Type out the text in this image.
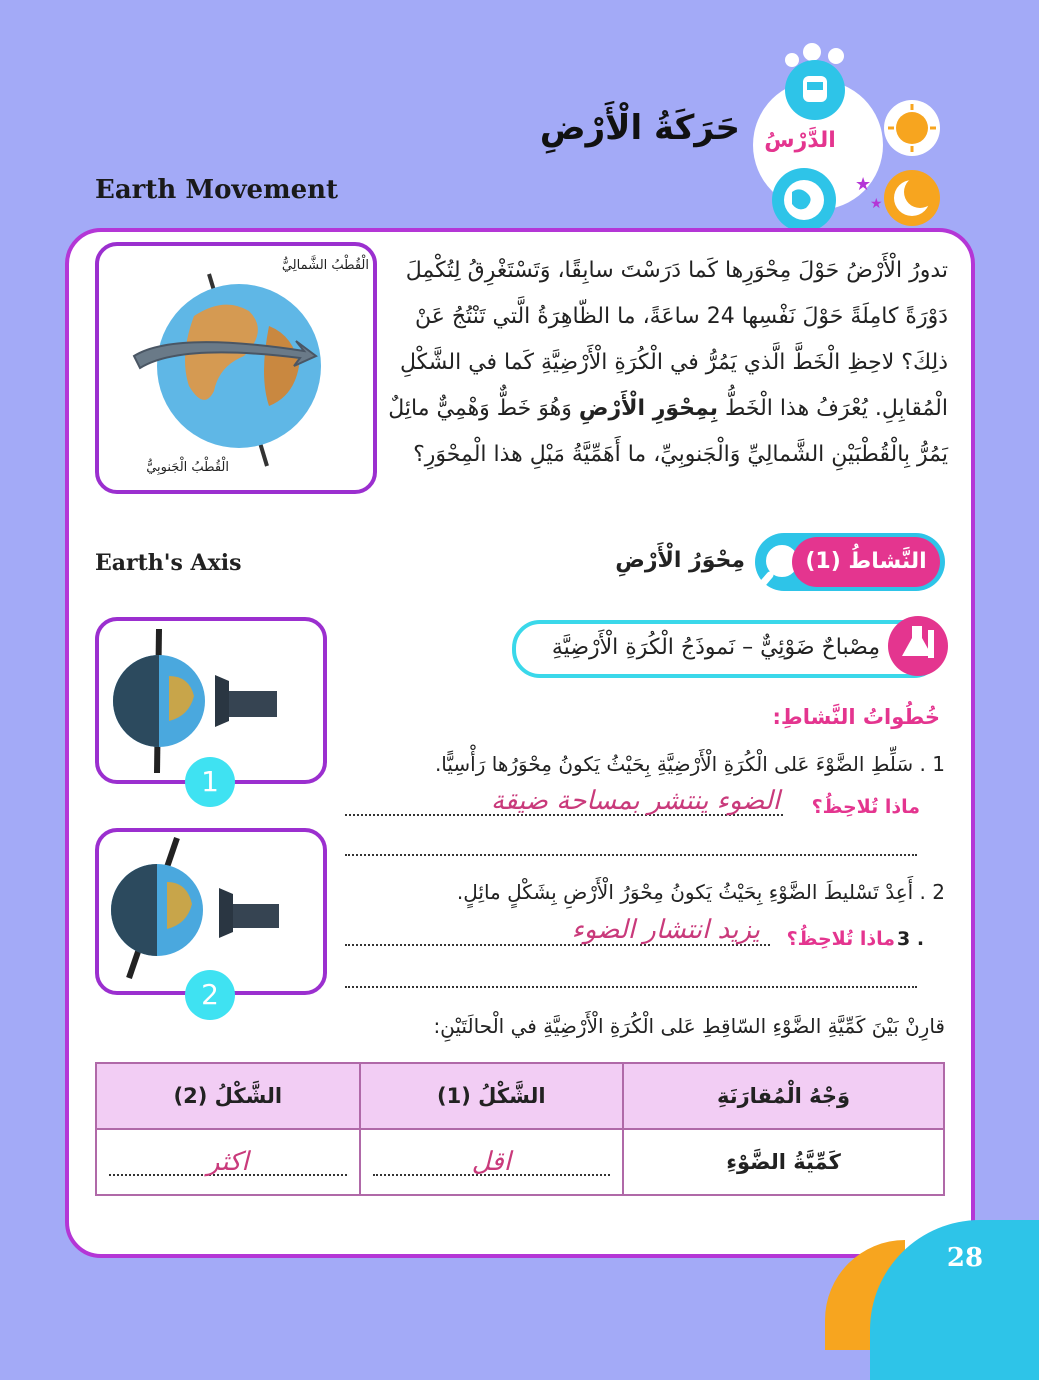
★
★
الدَّرْسُ
حَرَكَةُ الْأَرْضِ
Earth Movement
الْقُطْبُ الشَّمالِيُّ
الْقُطْبُ الْجَنوبِيُّ
تدورُ الْأَرْضُ حَوْلَ مِحْوَرِها كَما دَرَسْتَ سابِقًا، وَتَسْتَغْرِقُ لِتُكْمِلَ دَوْرَةً كامِلَةً حَوْلَ نَفْسِها 24 ساعَةً، ما الظّاهِرَةُ الَّتي تَنْتُجُ عَنْ ذلِكَ؟ لاحِظِ الْخَطَّ الَّذي يَمُرُّ في الْكُرَةِ الْأَرْضِيَّةِ كَما في الشَّكْلِ الْمُقابِلِ. يُعْرَفُ هذا الْخَطُّ بِمِحْوَرِ الْأَرْضِ وَهُوَ خَطٌّ وَهْمِيٌّ مائِلٌ يَمُرُّ بِالْقُطْبَيْنِ الشَّمالِيِّ وَالْجَنوبِيِّ، ما أَهَمِّيَّةُ مَيْلِ هذا الْمِحْوَرِ؟
النَّشاطُ (1)
مِحْوَرُ الْأَرْضِ
Earth's Axis
مِصْباحٌ ضَوْئِيٌّ – نَموذَجُ الْكُرَةِ الْأَرْضِيَّةِ
1
2
خُطُواتُ النَّشاطِ:
1 . سَلِّطِ الضَّوْءَ عَلى الْكُرَةِ الْأَرْضِيَّةِ بِحَيْثُ يَكونُ مِحْوَرُها رَأْسِيًّا.
ماذا تُلاحِظُ؟
الضوء ينتشر بمساحة ضيقة
2 . أَعِدْ تَسْليطَ الضَّوْءِ بِحَيْثُ يَكونُ مِحْوَرُ الْأَرْضِ بِشَكْلٍ مائِلٍ.
3 .
ماذا تُلاحِظُ؟
يزيد انتشار الضوء
قارِنْ بَيْنَ كَمِّيَّةِ الضَّوْءِ السّاقِطِ عَلى الْكُرَةِ الْأَرْضِيَّةِ في الْحالَتَيْنِ:
وَجْهُ الْمُقارَنَةِ	الشَّكْلُ (1)	الشَّكْلُ (2)
كَمِّيَّةُ الضَّوْءِ	اقل	اكثر
28
